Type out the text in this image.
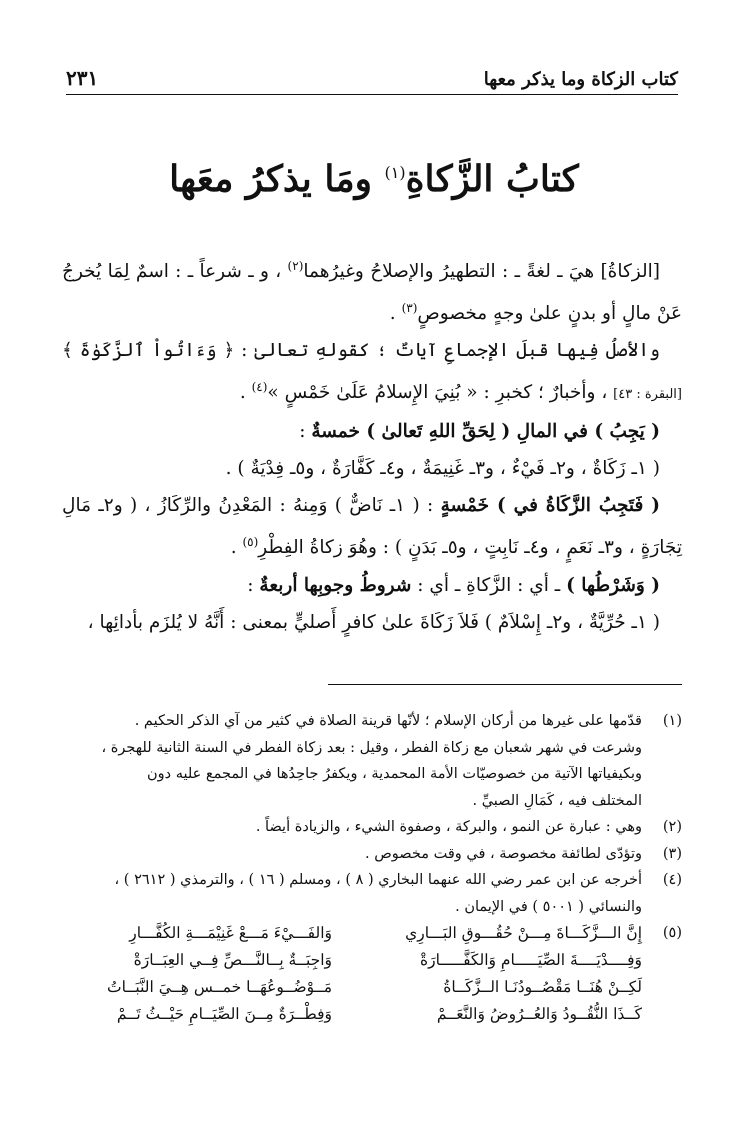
كتاب الزكاة وما يذكر معها
٢٣١
كتابُ الزَّكاةِ$^{(١)}$ ومَا يذكرُ معَها

[الزكاةُ] هيَ ـ لغةً ـ : التطهيرُ والإصلاحُ وغيرُهما$^{(٢)}$ ، و ـ شرعاً ـ : اسمٌ لِمَا يُخرجُ عَنْ مالٍ أو بدنٍ علىٰ وجهٍ مخصوصٍ$^{(٣)}$ .

والأصلُ فِيها قبلَ الإجماعِ آياتٌ ؛ كقولهِ تعالىٰ : ﴿ وَءَاتُواْ ٱلزَّكَوٰةَ ﴾ [البقرة : ٤٣] ، وأخبارٌ ؛ كخبرِ : « بُنِيَ الإِسلامُ عَلَىٰ خَمْسٍ »$^{(٤)}$ .

( يَجِبُ ) في المالِ ( لِحَقِّ اللهِ تَعالىٰ ) خمسةٌ :

( ١ـ زَكَاةٌ ، و٢ـ فَيْءٌ ، و٣ـ غَنِيمَةٌ ، و٤ـ كَفَّارَةٌ ، و٥ـ فِدْيَةٌ ) .

( فَتَجِبُ الزَّكَاةُ في ) خَمْسةٍ : ( ١ـ نَاضٌّ ) وَمِنهُ : المَعْدِنُ والرِّكَازُ ، ( و٢ـ مَالِ تِجَارَةٍ ، و٣ـ نَعَمٍ ، و٤ـ نَابِتٍ ، و٥ـ بَدَنٍ ) : وهُوَ زكاةُ الفِطْرِ$^{(٥)}$ .

( وَشَرْطُها ) ـ أي : الزَّكاةِ ـ أي : شروطُ وجوبِها أربعةٌ :

( ١ـ حُرِّيَّةٌ ، و٢ـ إِسْلاَمٌ ) فَلاَ زَكَاةَ علىٰ كافرٍ أَصليٍّ بمعنى : أَنَّهُ لا يُلزَم بأدائِها ،

(١)
قدّمها على غيرها من أركان الإسلام ؛ لأنّها قرينة الصلاة في كثير من آي الذكر الحكيم .
وشرعت في شهر شعبان مع زكاة الفطر ، وقيل : بعد زكاة الفطر في السنة الثانية للهجرة ،
وبكيفياتها الآتية من خصوصيّات الأمة المحمدية ، ويكفرُ جاحِدُها في المجمع عليه دون
المختلف فيه ، كَمَالِ الصبيِّ .
(٢)
وهي : عبارة عن النمو ، والبركة ، وصفوة الشيء ، والزيادة أيضاً .
(٣)
وتؤدّى لطائفة مخصوصة ، في وقت مخصوص .
(٤)
أخرجه عن ابن عمر رضي الله عنهما البخاري ( ٨ ) ، ومسلم ( ١٦ ) ، والترمذي ( ٢٦١٢ ) ،
والنسائي ( ٥٠٠١ ) في الإيمان .
(٥)
إِنَّ الـــزَّكَـــاةَ مِـــنْ حُقُـــوقِ البَـــارِي
وَالفَـــيْءَ مَـــعْ غَنِيْمَـــةِ الكُفَّـــارِ
وَفِــــدْيَــــةَ الصِّيَـــــامِ وَالكَفَّـــــارَةْ
وَاجِبَــةٌ بِــالنَّـــصِّ فِــي العِبَــارَةْ
لَكِــنْ هُنَــا مَقْصُــودُنَـا الــزَّكَــاةُ
مَــوْضُــوعُهَــا خمــس هِــيَ النَّبَــاتُ
كَــذَا النُّقُــودُ وَالعُــرُوضُ وَالنَّعَــمْ
وَفِطْــرَةٌ مِــنَ الصِّيَــامِ حَيْــثُ تَــمْ
